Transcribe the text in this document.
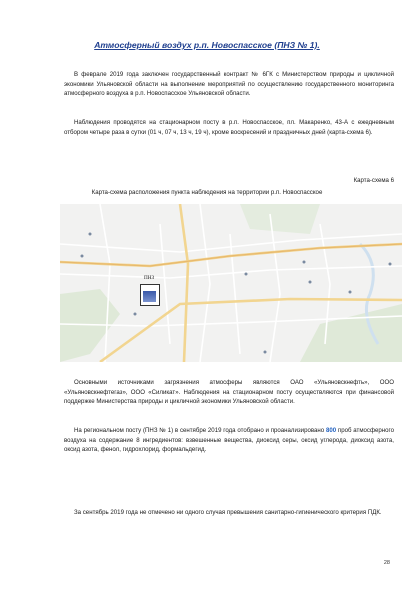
Атмосферный воздух р.п. Новоспасское (ПНЗ № 1).

В феврале 2019 года заключен государственный контракт № 6ГК с Министерством природы и цикличной экономики Ульяновской области на выполнение мероприятий по осуществлению государственного мониторинга атмосферного воздуха в р.п. Новоспасское Ульяновской области.

Наблюдения проводятся на стационарном посту в р.п. Новоспасское, пл. Макаренко, 43-А с ежедневным отбором четыре раза в сутки (01 ч, 07 ч, 13 ч, 19 ч), кроме воскресений и праздничных дней (карта-схема 6).

Карта-схема 6
Карта-схема расположения пункта наблюдения на территории р.п. Новоспасское
ПНЗ

Основными источниками загрязнения атмосферы являются ОАО «Ульяновскнефть», ООО «Ульяновскнефтегаз», ООО «Силикат». Наблюдения на стационарном посту осуществляются при финансовой поддержке Министерства природы и цикличной экономики Ульяновской области.

На региональном посту (ПНЗ № 1) в сентябре 2019 года отобрано и проанализировано 800 проб атмосферного воздуха на содержание 8 ингредиентов: взвешенные вещества, диоксид серы, оксид углерода, диоксид азота, оксид азота, фенол, гидрохлорид, формальдегид.

За сентябрь 2019 года не отмечено ни одного случая превышения санитарно-гигиенического критерия ПДК.

28
